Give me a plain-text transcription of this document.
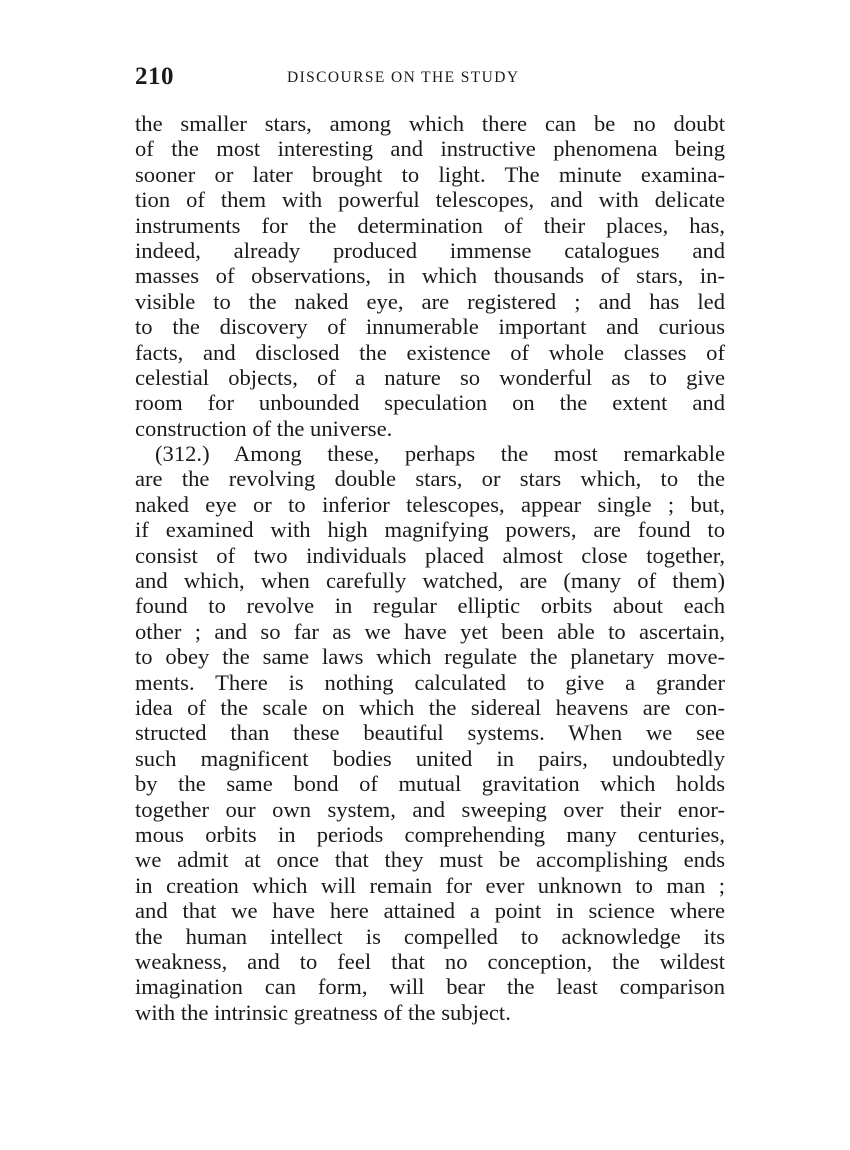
210	DISCOURSE ON THE STUDY
the smaller stars, among which there can be no doubt
of the most interesting and instructive phenomena being
sooner or later brought to light. The minute examina-
tion of them with powerful telescopes, and with delicate
instruments for the determination of their places, has,
indeed, already produced immense catalogues and
masses of observations, in which thousands of stars, in-
visible to the naked eye, are registered ; and has led
to the discovery of innumerable important and curious
facts, and disclosed the existence of whole classes of
celestial objects, of a nature so wonderful as to give
room for unbounded speculation on the extent and
construction of the universe.
(312.) Among these, perhaps the most remarkable
are the revolving double stars, or stars which, to the
naked eye or to inferior telescopes, appear single ; but,
if examined with high magnifying powers, are found to
consist of two individuals placed almost close together,
and which, when carefully watched, are (many of them)
found to revolve in regular elliptic orbits about each
other ; and so far as we have yet been able to ascertain,
to obey the same laws which regulate the planetary move-
ments. There is nothing calculated to give a grander
idea of the scale on which the sidereal heavens are con-
structed than these beautiful systems. When we see
such magnificent bodies united in pairs, undoubtedly
by the same bond of mutual gravitation which holds
together our own system, and sweeping over their enor-
mous orbits in periods comprehending many centuries,
we admit at once that they must be accomplishing ends
in creation which will remain for ever unknown to man ;
and that we have here attained a point in science where
the human intellect is compelled to acknowledge its
weakness, and to feel that no conception, the wildest
imagination can form, will bear the least comparison
with the intrinsic greatness of the subject.
